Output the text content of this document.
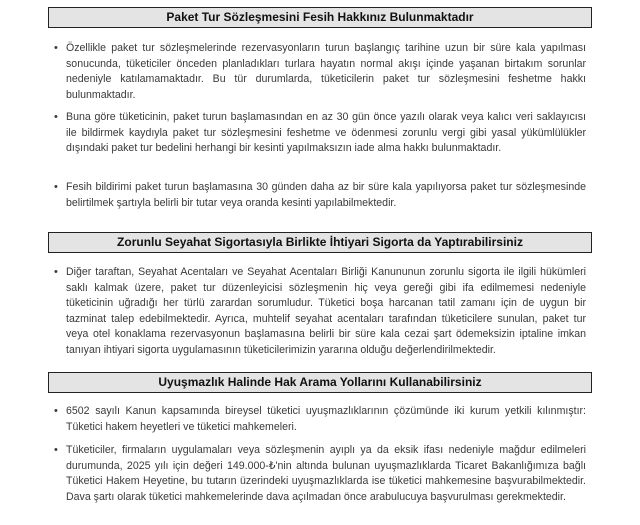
Paket Tur Sözleşmesini Fesih Hakkınız Bulunmaktadır
• Özellikle paket tur sözleşmelerinde rezervasyonların turun başlangıç tarihine uzun bir süre kala yapılması sonucunda, tüketiciler önceden planladıkları turlara hayatın normal akışı içinde yaşanan birtakım sorunlar nedeniyle katılamamaktadır. Bu tür durumlarda, tüketicilerin paket tur sözleşmesini feshetme hakkı bulunmaktadır.

• Buna göre tüketicinin, paket turun başlamasından en az 30 gün önce yazılı olarak veya kalıcı veri saklayıcısı ile bildirmek kaydıyla paket tur sözleşmesini feshetme ve ödenmesi zorunlu vergi gibi yasal yükümlülükler dışındaki paket tur bedelini herhangi bir kesinti yapılmaksızın iade alma hakkı bulunmaktadır.

• Fesih bildirimi paket turun başlamasına 30 günden daha az bir süre kala yapılıyorsa paket tur sözleşmesinde belirtilmek şartıyla belirli bir tutar veya oranda kesinti yapılabilmektedir.

Zorunlu Seyahat Sigortasıyla Birlikte İhtiyari Sigorta da Yaptırabilirsiniz
• Diğer taraftan, Seyahat Acentaları ve Seyahat Acentaları Birliği Kanununun zorunlu sigorta ile ilgili hükümleri saklı kalmak üzere, paket tur düzenleyicisi sözleşmenin hiç veya gereği gibi ifa edilmemesi nedeniyle tüketicinin uğradığı her türlü zarardan sorumludur. Tüketici boşa harcanan tatil zamanı için de uygun bir tazminat talep edebilmektedir. Ayrıca, muhtelif seyahat acentaları tarafından tüketicilere sunulan, paket tur veya otel konaklama rezervasyonun başlamasına belirli bir süre kala cezai şart ödemeksizin iptaline imkan tanıyan ihtiyari sigorta uygulamasının tüketicilerimizin yararına olduğu değerlendirilmektedir.

Uyuşmazlık Halinde Hak Arama Yollarını Kullanabilirsiniz
• 6502 sayılı Kanun kapsamında bireysel tüketici uyuşmazlıklarının çözümünde iki kurum yetkili kılınmıştır: Tüketici hakem heyetleri ve tüketici mahkemeleri.

• Tüketiciler, firmaların uygulamaları veya sözleşmenin ayıplı ya da eksik ifası nedeniyle mağdur edilmeleri durumunda, 2025 yılı için değeri 149.000-₺'nin altında bulunan uyuşmazlıklarda Ticaret Bakanlığımıza bağlı Tüketici Hakem Heyetine, bu tutarın üzerindeki uyuşmazlıklarda ise tüketici mahkemesine başvurabilmektedir. Dava şartı olarak tüketici mahkemelerinde dava açılmadan önce arabulucuya başvurulması gerekmektedir.
